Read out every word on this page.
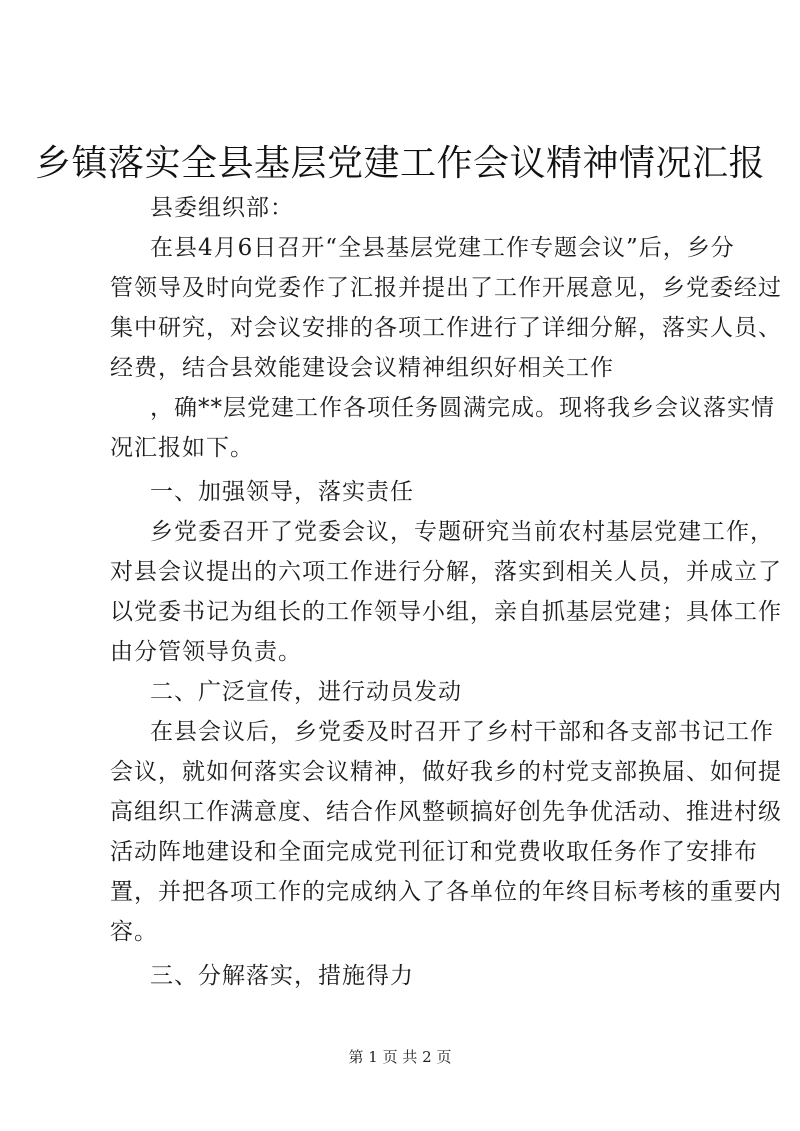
乡镇落实全县基层党建工作会议精神情况汇报
县委组织部：
在县4月6日召开“全县基层党建工作专题会议”后，乡分
管领导及时向党委作了汇报并提出了工作开展意见，乡党委经过
集中研究，对会议安排的各项工作进行了详细分解，落实人员、
经费，结合县效能建设会议精神组织好相关工作
，确**层党建工作各项任务圆满完成。现将我乡会议落实情
况汇报如下。
一、加强领导，落实责任
乡党委召开了党委会议，专题研究当前农村基层党建工作，
对县会议提出的六项工作进行分解，落实到相关人员，并成立了
以党委书记为组长的工作领导小组，亲自抓基层党建；具体工作
由分管领导负责。
二、广泛宣传，进行动员发动
在县会议后，乡党委及时召开了乡村干部和各支部书记工作
会议，就如何落实会议精神，做好我乡的村党支部换届、如何提
高组织工作满意度、结合作风整顿搞好创先争优活动、推进村级
活动阵地建设和全面完成党刊征订和党费收取任务作了安排布
置，并把各项工作的完成纳入了各单位的年终目标考核的重要内
容。
三、分解落实，措施得力
第 1 页 共 2 页
